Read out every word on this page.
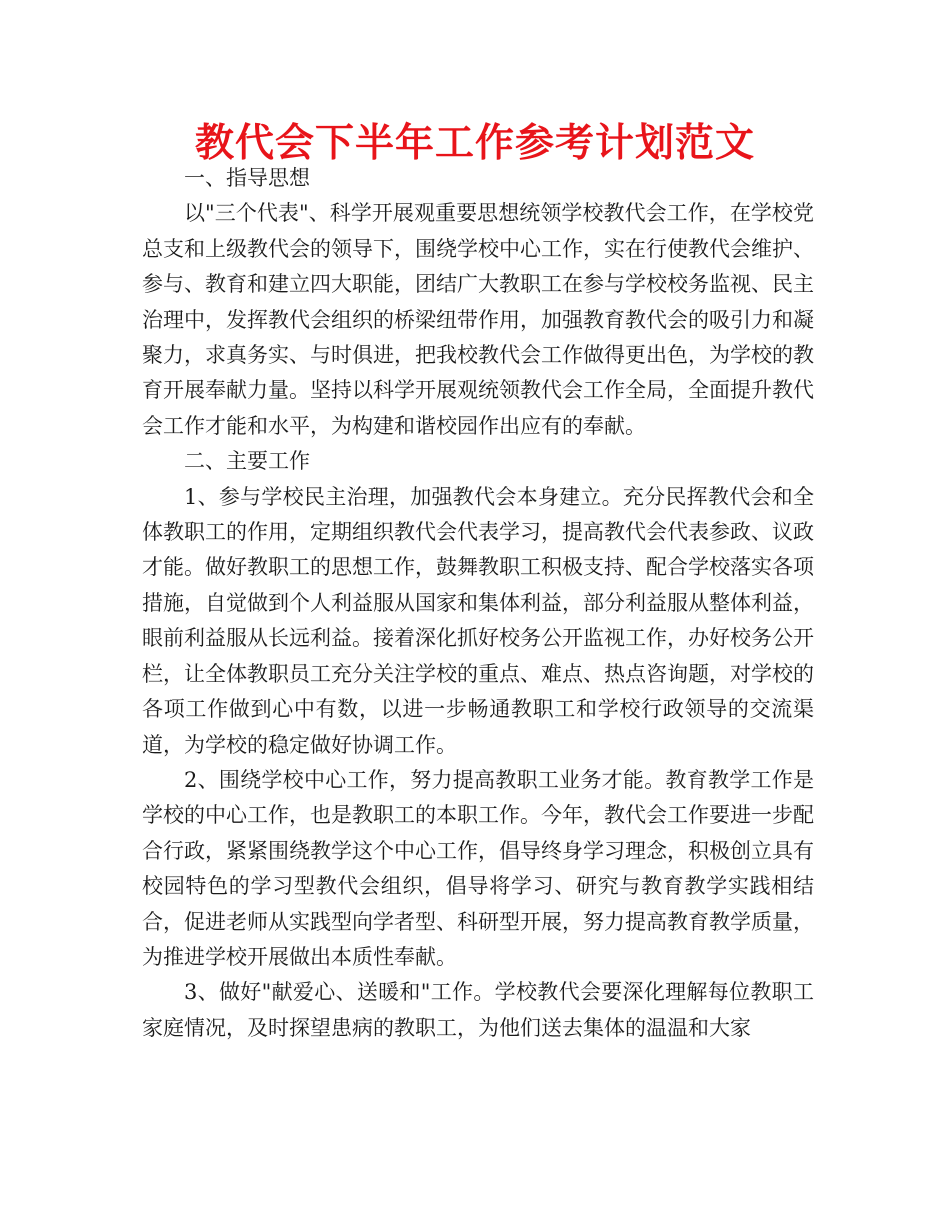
教代会下半年工作参考计划范文

一、指导思想

以"三个代表"、科学开展观重要思想统领学校教代会工作，在学校党总支和上级教代会的领导下，围绕学校中心工作，实在行使教代会维护、参与、教育和建立四大职能，团结广大教职工在参与学校校务监视、民主治理中，发挥教代会组织的桥梁纽带作用，加强教育教代会的吸引力和凝聚力，求真务实、与时俱进，把我校教代会工作做得更出色，为学校的教育开展奉献力量。坚持以科学开展观统领教代会工作全局，全面提升教代会工作才能和水平，为构建和谐校园作出应有的奉献。

二、主要工作

1、参与学校民主治理，加强教代会本身建立。充分民挥教代会和全体教职工的作用，定期组织教代会代表学习，提高教代会代表参政、议政才能。做好教职工的思想工作，鼓舞教职工积极支持、配合学校落实各项措施，自觉做到个人利益服从国家和集体利益，部分利益服从整体利益，眼前利益服从长远利益。接着深化抓好校务公开监视工作，办好校务公开栏，让全体教职员工充分关注学校的重点、难点、热点咨询题，对学校的各项工作做到心中有数，以进一步畅通教职工和学校行政领导的交流渠道，为学校的稳定做好协调工作。

2、围绕学校中心工作，努力提高教职工业务才能。教育教学工作是学校的中心工作，也是教职工的本职工作。今年，教代会工作要进一步配合行政，紧紧围绕教学这个中心工作，倡导终身学习理念，积极创立具有校园特色的学习型教代会组织，倡导将学习、研究与教育教学实践相结合，促进老师从实践型向学者型、科研型开展，努力提高教育教学质量，为推进学校开展做出本质性奉献。

3、做好"献爱心、送暖和"工作。学校教代会要深化理解每位教职工家庭情况，及时探望患病的教职工，为他们送去集体的温温和大家
